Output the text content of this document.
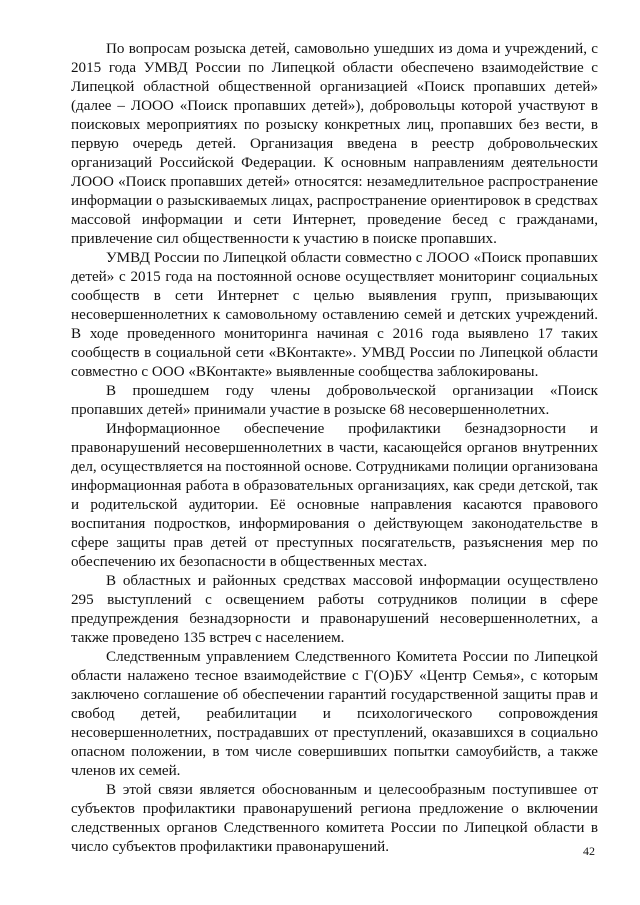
По вопросам розыска детей, самовольно ушедших из дома и учреждений, с 2015 года УМВД России по Липецкой области обеспечено взаимодействие с Липецкой областной общественной организацией «Поиск пропавших детей» (далее – ЛООО «Поиск пропавших детей»), добровольцы которой участвуют в поисковых мероприятиях по розыску конкретных лиц, пропавших без вести, в первую очередь детей. Организация введена в реестр добровольческих организаций Российской Федерации. К основным направлениям деятельности ЛООО «Поиск пропавших детей» относятся: незамедлительное распространение информации о разыскиваемых лицах, распространение ориентировок в средствах массовой информации и сети Интернет, проведение бесед с гражданами, привлечение сил общественности к участию в поиске пропавших.

УМВД России по Липецкой области совместно с ЛООО «Поиск пропавших детей» с 2015 года на постоянной основе осуществляет мониторинг социальных сообществ в сети Интернет с целью выявления групп, призывающих несовершеннолетних к самовольному оставлению семей и детских учреждений. В ходе проведенного мониторинга начиная с 2016 года выявлено 17 таких сообществ в социальной сети «ВКонтакте». УМВД России по Липецкой области совместно с ООО «ВКонтакте» выявленные сообщества заблокированы.

В прошедшем году члены добровольческой организации «Поиск пропавших детей» принимали участие в розыске 68 несовершеннолетних.

Информационное обеспечение профилактики безнадзорности и правонарушений несовершеннолетних в части, касающейся органов внутренних дел, осуществляется на постоянной основе. Сотрудниками полиции организована информационная работа в образовательных организациях, как среди детской, так и родительской аудитории. Её основные направления касаются правового воспитания подростков, информирования о действующем законодательстве в сфере защиты прав детей от преступных посягательств, разъяснения мер по обеспечению их безопасности в общественных местах.

В областных и районных средствах массовой информации осуществлено 295 выступлений с освещением работы сотрудников полиции в сфере предупреждения безнадзорности и правонарушений несовершеннолетних, а также проведено 135 встреч с населением.

Следственным управлением Следственного Комитета России по Липецкой области налажено тесное взаимодействие с Г(О)БУ «Центр Семья», с которым заключено соглашение об обеспечении гарантий государственной защиты прав и свобод детей, реабилитации и психологического сопровождения несовершеннолетних, пострадавших от преступлений, оказавшихся в социально опасном положении, в том числе совершивших попытки самоубийств, а также членов их семей.

В этой связи является обоснованным и целесообразным поступившее от субъектов профилактики правонарушений региона предложение о включении следственных органов Следственного комитета России по Липецкой области в число субъектов профилактики правонарушений.	42
